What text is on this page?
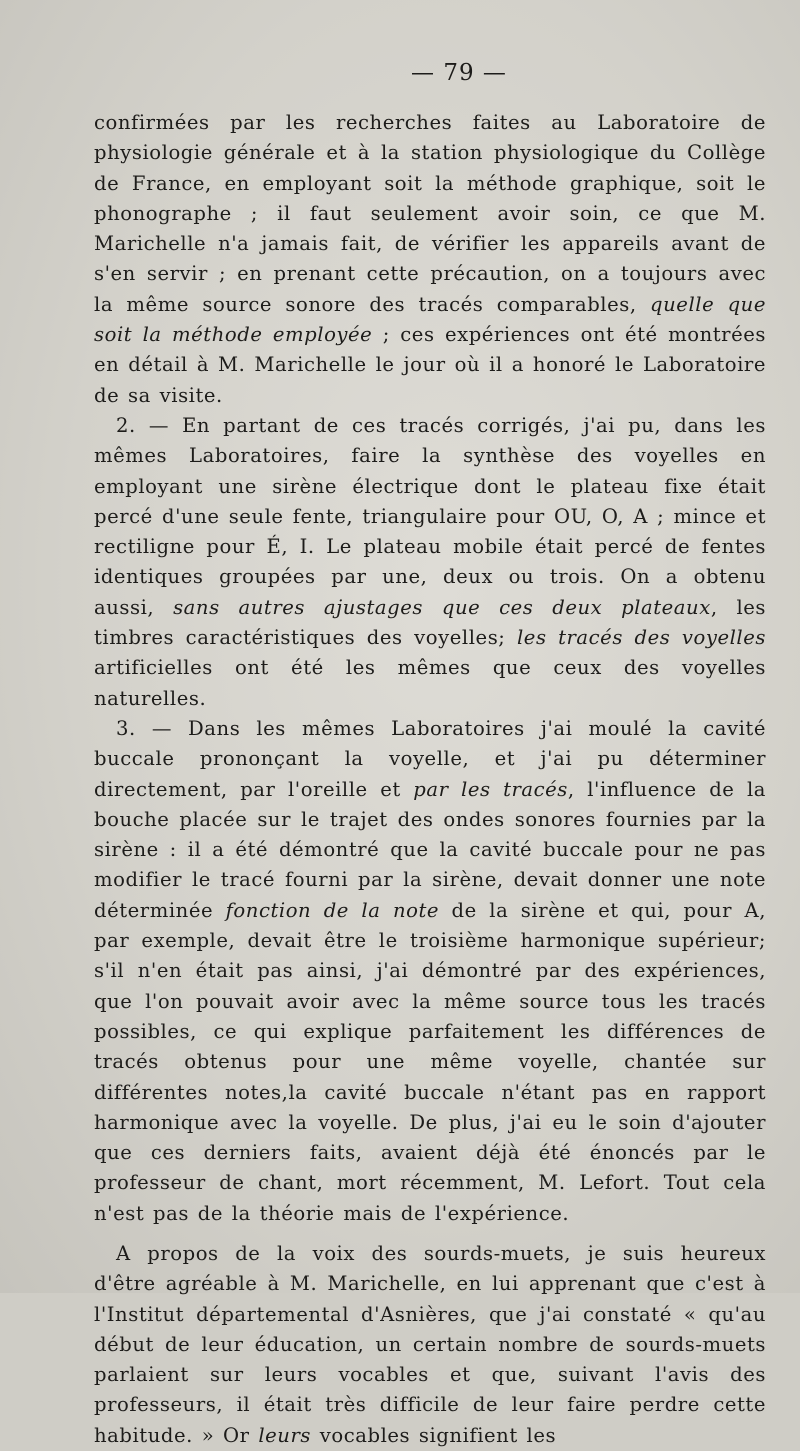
— 79 —

confirmées par les recherches faites au Laboratoire de physiologie générale et à la station physiologique du Collège de France, en employant soit la méthode graphique, soit le phonographe ; il faut seulement avoir soin, ce que M. Marichelle n'a jamais fait, de vérifier les appareils avant de s'en servir ; en prenant cette précaution, on a toujours avec la même source sonore des tracés comparables, quelle que soit la méthode employée ; ces expériences ont été montrées en détail à M. Marichelle le jour où il a honoré le Laboratoire de sa visite.

2. — En partant de ces tracés corrigés, j'ai pu, dans les mêmes Laboratoires, faire la synthèse des voyelles en employant une sirène électrique dont le plateau fixe était percé d'une seule fente, triangulaire pour OU, O, A ; mince et rectiligne pour É, I. Le plateau mobile était percé de fentes identiques groupées par une, deux ou trois. On a obtenu aussi, sans autres ajustages que ces deux plateaux, les timbres caractéristiques des voyelles; les tracés des voyelles artificielles ont été les mêmes que ceux des voyelles naturelles.

3. — Dans les mêmes Laboratoires j'ai moulé la cavité buccale prononçant la voyelle, et j'ai pu déterminer directement, par l'oreille et par les tracés, l'influence de la bouche placée sur le trajet des ondes sonores fournies par la sirène : il a été démontré que la cavité buccale pour ne pas modifier le tracé fourni par la sirène, devait donner une note déterminée fonction de la note de la sirène et qui, pour A, par exemple, devait être le troisième harmonique supérieur; s'il n'en était pas ainsi, j'ai démontré par des expériences, que l'on pouvait avoir avec la même source tous les tracés possibles, ce qui explique parfaitement les différences de tracés obtenus pour une même voyelle, chantée sur différentes notes,la cavité buccale n'étant pas en rapport harmonique avec la voyelle. De plus, j'ai eu le soin d'ajouter que ces derniers faits, avaient déjà été énoncés par le professeur de chant, mort récemment, M. Lefort. Tout cela n'est pas de la théorie mais de l'expérience.

A propos de la voix des sourds-muets, je suis heureux d'être agréable à M. Marichelle, en lui apprenant que c'est à l'Institut départemental d'Asnières, que j'ai constaté « qu'au début de leur éducation, un certain nombre de sourds-muets parlaient sur leurs vocables et que, suivant l'avis des professeurs, il était très difficile de leur faire perdre cette habitude. » Or leurs vocables signifient les
